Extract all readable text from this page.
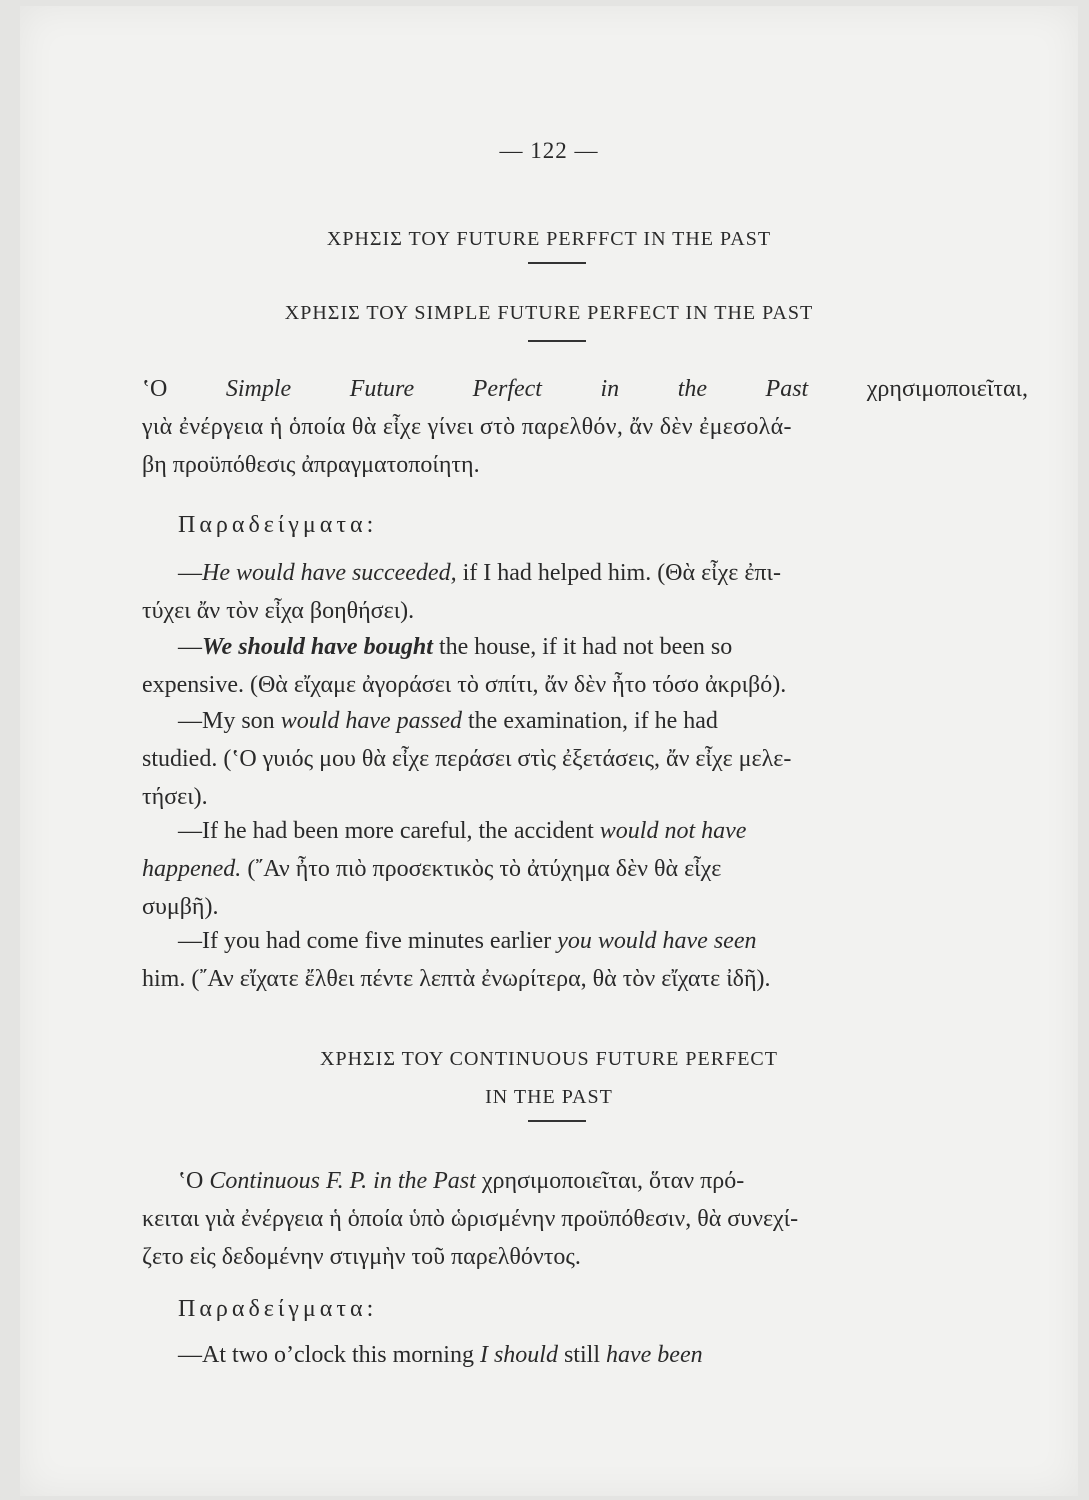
— 122 —
ΧΡΗΣΙΣ ΤΟΥ FUTURE PERFFCT IN THE PAST
ΧΡΗΣΙΣ ΤΟΥ SIMPLE FUTURE PERFECT IN THE PAST
‛Ο Simple Future Perfect in the Past χρησιμοποιεῖται,
γιὰ ἐνέργεια ἡ ὁποία θὰ εἶχε γίνει στὸ παρελθόν, ἄν δὲν ἐμεσολά-
βη προϋπόθεσις ἀπραγματοποίητη.
Παραδείγματα:
—He would have succeeded, if I had helped him. (Θὰ εἶχε ἐπι-
τύχει ἄν τὸν εἶχα βοηθήσει).
—We should have bought the house, if it had not been so
expensive. (Θὰ εἴχαμε ἀγοράσει τὸ σπίτι, ἄν δὲν ἦτο τόσο ἀκριβό).
—My son would have passed the examination, if he had
studied. (‛Ο γυιός μου θὰ εἶχε περάσει στὶς ἐξετάσεις, ἄν εἶχε μελε-
τήσει).
—If he had been more careful, the accident would not have
happened. (῎Αν ἦτο πιὸ προσεκτικὸς τὸ ἀτύχημα δὲν θὰ εἶχε
συμβῆ).
—If you had come five minutes earlier you would have seen
him. (῎Αν εἴχατε ἔλθει πέντε λεπτὰ ἐνωρίτερα, θὰ τὸν εἴχατε ἰδῆ).
ΧΡΗΣΙΣ ΤΟΥ CONTINUOUS FUTURE PERFECT
IN THE PAST
‛Ο Continuous F. P. in the Past χρησιμοποιεῖται, ὅταν πρό-
κειται γιὰ ἐνέργεια ἡ ὁποία ὑπὸ ὡρισμένην προϋπόθεσιν, θὰ συνεχί-
ζετο εἰς δεδομένην στιγμὴν τοῦ παρελθόντος.
Παραδείγματα:
—At two o’clock this morning I should still have been
